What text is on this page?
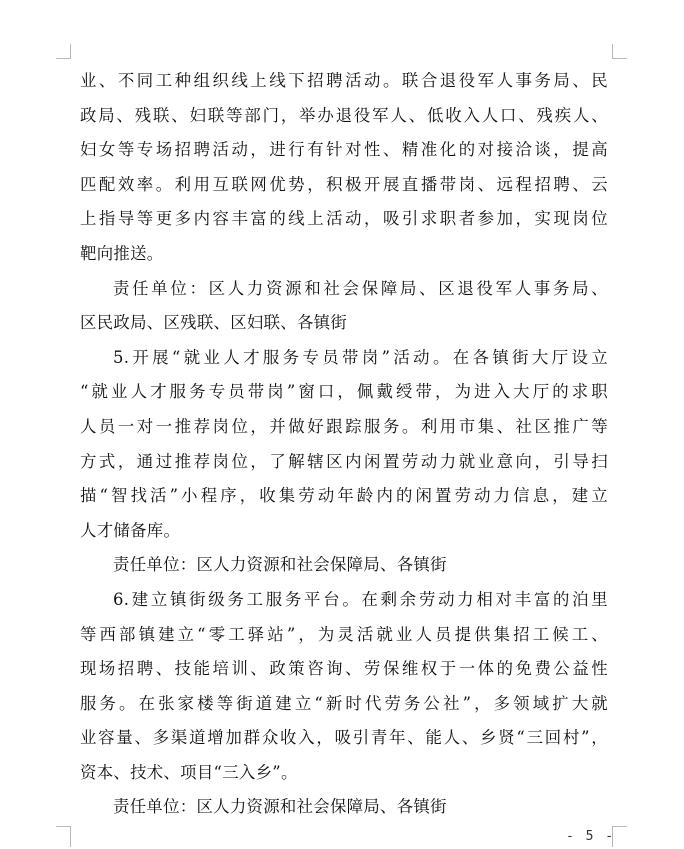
业、不同工种组织线上线下招聘活动。联合退役军人事务局、民
政局、残联、妇联等部门，举办退役军人、低收入人口、残疾人、
妇女等专场招聘活动，进行有针对性、精准化的对接洽谈，提高
匹配效率。利用互联网优势，积极开展直播带岗、远程招聘、云
上指导等更多内容丰富的线上活动，吸引求职者参加，实现岗位
靶向推送。
责任单位：区人力资源和社会保障局、区退役军人事务局、
区民政局、区残联、区妇联、各镇街
5.开展“就业人才服务专员带岗”活动。在各镇街大厅设立
“就业人才服务专员带岗”窗口，佩戴绶带，为进入大厅的求职
人员一对一推荐岗位，并做好跟踪服务。利用市集、社区推广等
方式，通过推荐岗位，了解辖区内闲置劳动力就业意向，引导扫
描“智找活”小程序，收集劳动年龄内的闲置劳动力信息，建立
人才储备库。
责任单位：区人力资源和社会保障局、各镇街
6.建立镇街级务工服务平台。在剩余劳动力相对丰富的泊里
等西部镇建立“零工驿站”，为灵活就业人员提供集招工候工、
现场招聘、技能培训、政策咨询、劳保维权于一体的免费公益性
服务。在张家楼等街道建立“新时代劳务公社”，多领域扩大就
业容量、多渠道增加群众收入，吸引青年、能人、乡贤“三回村”，
资本、技术、项目“三入乡”。
责任单位：区人力资源和社会保障局、各镇街
- 5 -
